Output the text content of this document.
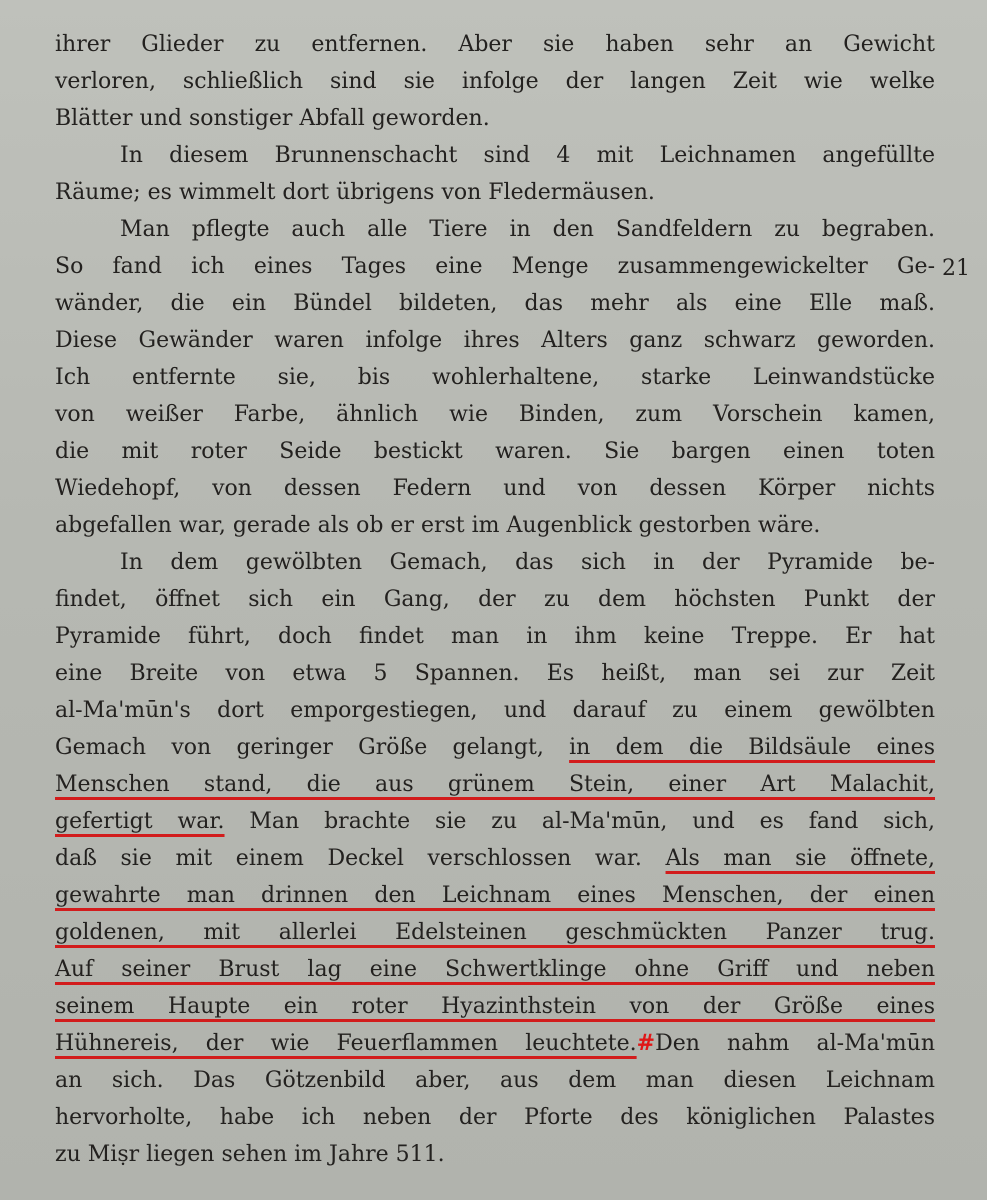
ihrer Glieder zu entfernen. Aber sie haben sehr an Gewicht
verloren, schließlich sind sie infolge der langen Zeit wie welke
Blätter und sonstiger Abfall geworden.
In diesem Brunnenschacht sind 4 mit Leichnamen angefüllte
Räume; es wimmelt dort übrigens von Fledermäusen.
Man pflegte auch alle Tiere in den Sandfeldern zu begraben.
So fand ich eines Tages eine Menge zusammengewickelter Ge-
wänder, die ein Bündel bildeten, das mehr als eine Elle maß.
Diese Gewänder waren infolge ihres Alters ganz schwarz geworden.
Ich entfernte sie, bis wohlerhaltene, starke Leinwandstücke
von weißer Farbe, ähnlich wie Binden, zum Vorschein kamen,
die mit roter Seide bestickt waren. Sie bargen einen toten
Wiedehopf, von dessen Federn und von dessen Körper nichts
abgefallen war, gerade als ob er erst im Augenblick gestorben wäre.
In dem gewölbten Gemach, das sich in der Pyramide be-
findet, öffnet sich ein Gang, der zu dem höchsten Punkt der
Pyramide führt, doch findet man in ihm keine Treppe. Er hat
eine Breite von etwa 5 Spannen. Es heißt, man sei zur Zeit
al-Ma'mūn's dort emporgestiegen, und darauf zu einem gewölbten
Gemach von geringer Größe gelangt, in dem die Bildsäule eines
Menschen stand, die aus grünem Stein, einer Art Malachit,
gefertigt war. Man brachte sie zu al-Ma'mūn, und es fand sich,
daß sie mit einem Deckel verschlossen war. Als man sie öffnete,
gewahrte man drinnen den Leichnam eines Menschen, der einen
goldenen, mit allerlei Edelsteinen geschmückten Panzer trug.
Auf seiner Brust lag eine Schwertklinge ohne Griff und neben
seinem Haupte ein roter Hyazinthstein von der Größe eines
Hühnereis, der wie Feuerflammen leuchtete.#Den nahm al-Ma'mūn
an sich. Das Götzenbild aber, aus dem man diesen Leichnam
hervorholte, habe ich neben der Pforte des königlichen Palastes
zu Miṣr liegen sehen im Jahre 511.
21
